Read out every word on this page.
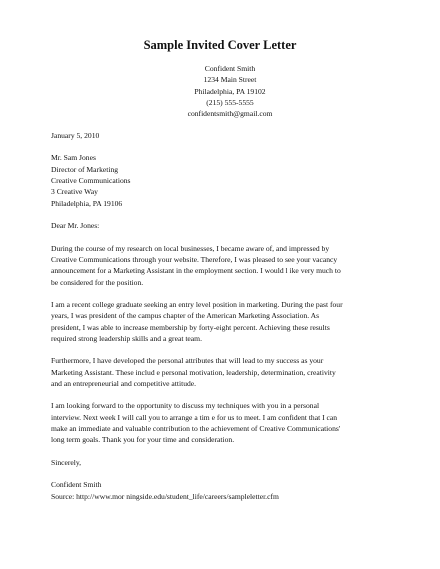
Sample Invited Cover Letter
Confident Smith
1234 Main Street
Philadelphia, PA 19102
(215) 555-5555
confidentsmith@gmail.com
January 5, 2010
Mr. Sam Jones
Director of Marketing
Creative Communications
3 Creative Way
Philadelphia, PA 19106
Dear Mr. Jones:
During the course of my research on local businesses, I became aware of, and impressed by
Creative Communications through your website. Therefore, I was pleased to see your vacancy
announcement for a Marketing Assistant in the employment section. I would l ike very much to
be considered for the position.
I am a recent college graduate seeking an entry level position in marketing. During the past four
years, I was president of the campus chapter of the American Marketing Association. As
president, I was able to increase membership by forty-eight percent. Achieving these results
required strong leadership skills and a great team.
Furthermore, I have developed the personal attributes that will lead to my success as your
Marketing Assistant. These includ e personal motivation, leadership, determination, creativity
and an entrepreneurial and competitive attitude.
I am looking forward to the opportunity to discuss my techniques with you in a personal
interview. Next week I will call you to arrange a tim e for us to meet. I am confident that I can
make an immediate and valuable contribution to the achievement of Creative Communications'
long term goals. Thank you for your time and consideration.
Sincerely,
Confident Smith
Source: http://www.mor ningside.edu/student_life/careers/sampleletter.cfm
